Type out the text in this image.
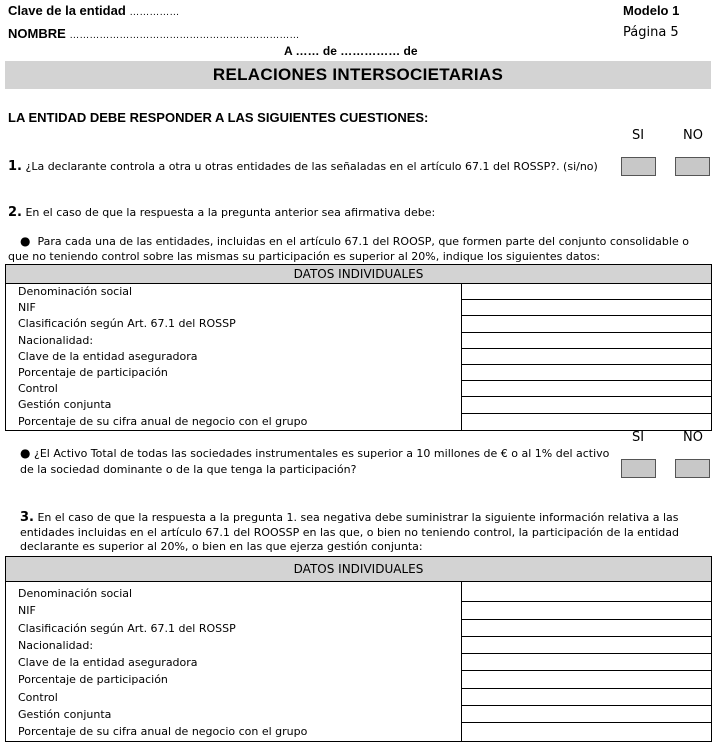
Clave de la entidad ……………	Modelo 1
NOMBRE ……………………………………………………………	Página 5
A …… de …………… de
RELACIONES INTERSOCIETARIAS
LA ENTIDAD DEBE RESPONDER A LAS SIGUIENTES CUESTIONES:
SI	NO
1. ¿La declarante controla a otra u otras entidades de las señaladas en el artículo 67.1 del ROSSP?. (si/no)
2. En el caso de que la respuesta a la pregunta anterior sea afirmativa debe:
● Para cada una de las entidades, incluidas en el artículo 67.1 del ROOSP, que formen parte del conjunto consolidable o
que no teniendo control sobre las mismas su participación es superior al 20%, indique los siguientes datos:
DATOS INDIVIDUALES

Denominación social
NIF
Clasificación según Art. 67.1 del ROSSP
Nacionalidad:
Clave de la entidad aseguradora
Porcentaje de participación
Control
Gestión conjunta
Porcentaje de su cifra anual de negocio con el grupo

SI	NO
● ¿El Activo Total de todas las sociedades instrumentales es superior a 10 millones de € o al 1% del activo
de la sociedad dominante o de la que tenga la participación?
3. En el caso de que la respuesta a la pregunta 1. sea negativa debe suministrar la siguiente información relativa a las
entidades incluidas en el artículo 67.1 del ROOSSP en las que, o bien no teniendo control, la participación de la entidad
declarante es superior al 20%, o bien en las que ejerza gestión conjunta:
DATOS INDIVIDUALES

Denominación social
NIF
Clasificación según Art. 67.1 del ROSSP
Nacionalidad:
Clave de la entidad aseguradora
Porcentaje de participación
Control
Gestión conjunta
Porcentaje de su cifra anual de negocio con el grupo
